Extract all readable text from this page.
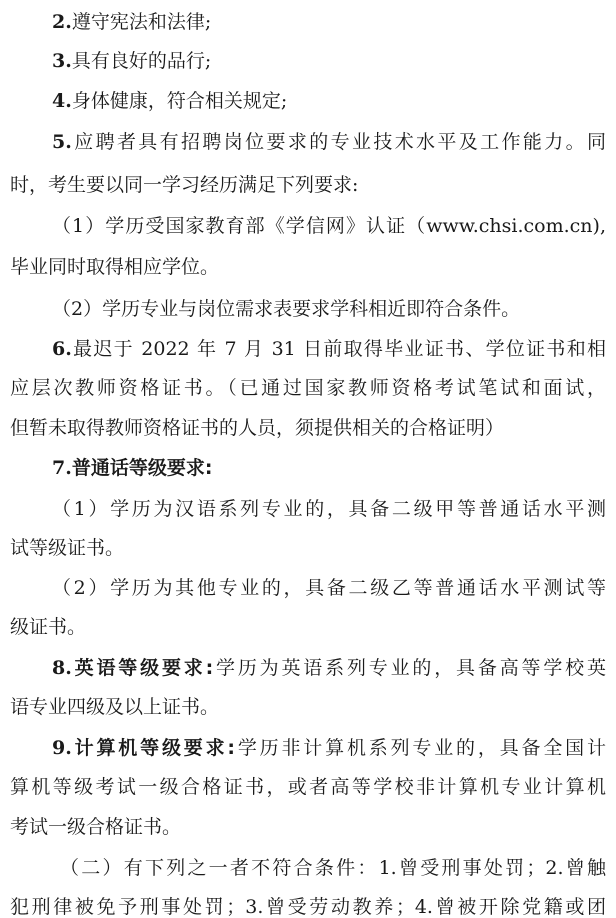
2.遵守宪法和法律;
3.具有良好的品行;
4.身体健康，符合相关规定;
5.应聘者具有招聘岗位要求的专业技术水平及工作能力。同
时，考生要以同一学习经历满足下列要求:
（1）学历受国家教育部《学信网》认证（www.chsi.com.cn),
毕业同时取得相应学位。
（2）学历专业与岗位需求表要求学科相近即符合条件。
6.最迟于 2022 年 7 月 31 日前取得毕业证书、学位证书和相
应层次教师资格证书。（已通过国家教师资格考试笔试和面试，
但暂未取得教师资格证书的人员，须提供相关的合格证明）
7.普通话等级要求:
（1）学历为汉语系列专业的，具备二级甲等普通话水平测
试等级证书。
（2）学历为其他专业的，具备二级乙等普通话水平测试等
级证书。
8.英语等级要求:学历为英语系列专业的，具备高等学校英
语专业四级及以上证书。
9.计算机等级要求:学历非计算机系列专业的，具备全国计
算机等级考试一级合格证书，或者高等学校非计算机专业计算机
考试一级合格证书。
（二）有下列之一者不符合条件：1.曾受刑事处罚；2.曾触
犯刑律被免予刑事处罚；3.曾受劳动教养；4.曾被开除党籍或团
